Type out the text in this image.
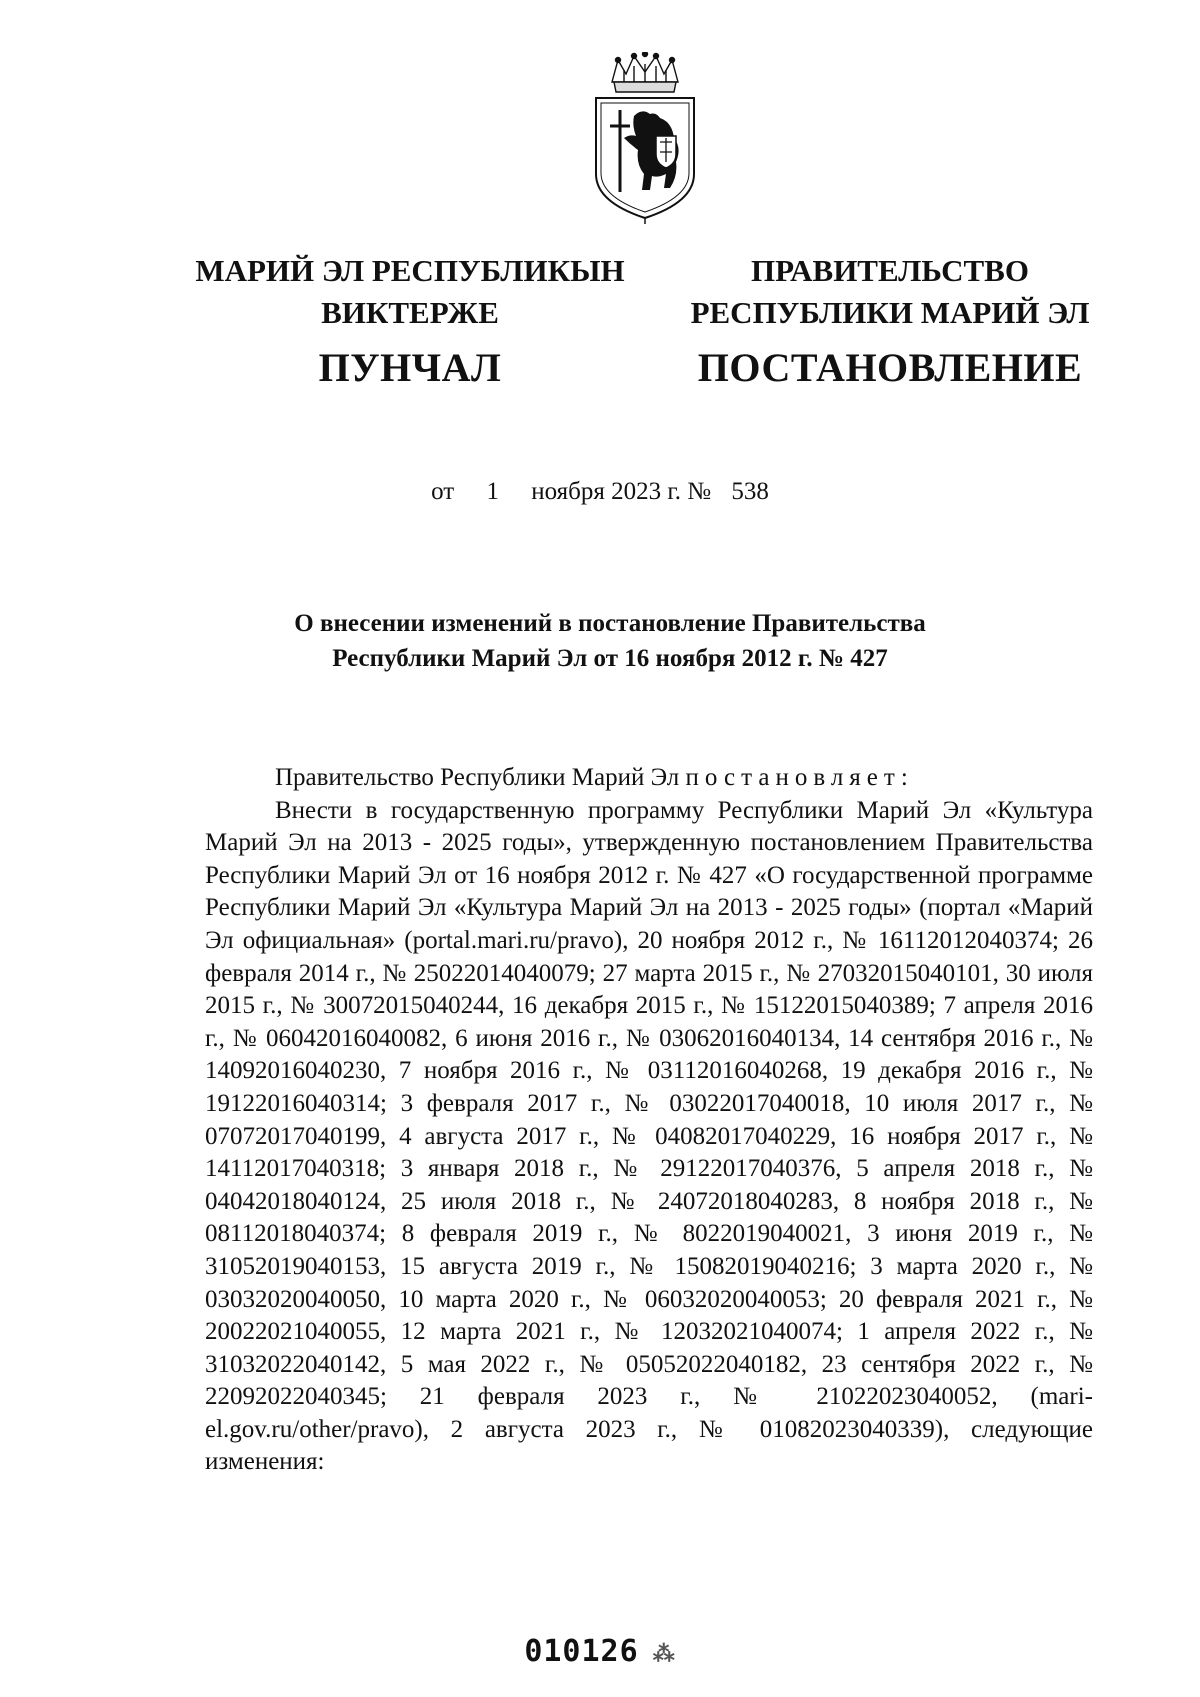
МАРИЙ ЭЛ РЕСПУБЛИКЫН
ВИКТЕРЖЕ
ПУНЧАЛ
ПРАВИТЕЛЬСТВО
РЕСПУБЛИКИ МАРИЙ ЭЛ
ПОСТАНОВЛЕНИЕ
от 1 ноября 2023 г. № 538
О внесении изменений в постановление Правительства
Республики Марий Эл от 16 ноября 2012 г. № 427

Правительство Республики Марий Эл постановляет:

Внести в государственную программу Республики Марий Эл «Культура Марий Эл на 2013 - 2025 годы», утвержденную постановлением Правительства Республики Марий Эл от 16 ноября 2012 г. № 427 «О государственной программе Республики Марий Эл «Культура Марий Эл на 2013 - 2025 годы» (портал «Марий Эл официальная» (portal.mari.ru/pravo), 20 ноября 2012 г., № 16112012040374; 26 февраля 2014 г., № 25022014040079; 27 марта 2015 г., № 27032015040101, 30 июля 2015 г., № 30072015040244, 16 декабря 2015 г., № 15122015040389; 7 апреля 2016 г., № 06042016040082, 6 июня 2016 г., № 03062016040134, 14 сентября 2016 г., № 14092016040230, 7 ноября 2016 г., № 03112016040268, 19 декабря 2016 г., № 19122016040314; 3 февраля 2017 г., № 03022017040018, 10 июля 2017 г., № 07072017040199, 4 августа 2017 г., № 04082017040229, 16 ноября 2017 г., № 14112017040318; 3 января 2018 г., № 29122017040376, 5 апреля 2018 г., № 04042018040124, 25 июля 2018 г., № 24072018040283, 8 ноября 2018 г., № 08112018040374; 8 февраля 2019 г., № 8022019040021, 3 июня 2019 г., № 31052019040153, 15 августа 2019 г., № 15082019040216; 3 марта 2020 г., № 03032020040050, 10 марта 2020 г., № 06032020040053; 20 февраля 2021 г., № 20022021040055, 12 марта 2021 г., № 12032021040074; 1 апреля 2022 г., № 31032022040142, 5 мая 2022 г., № 05052022040182, 23 сентября 2022 г., № 22092022040345; 21 февраля 2023 г., № 21022023040052, (mari-el.gov.ru/other/pravo), 2 августа 2023 г., № 01082023040339), следующие изменения:

010126 ⁂
